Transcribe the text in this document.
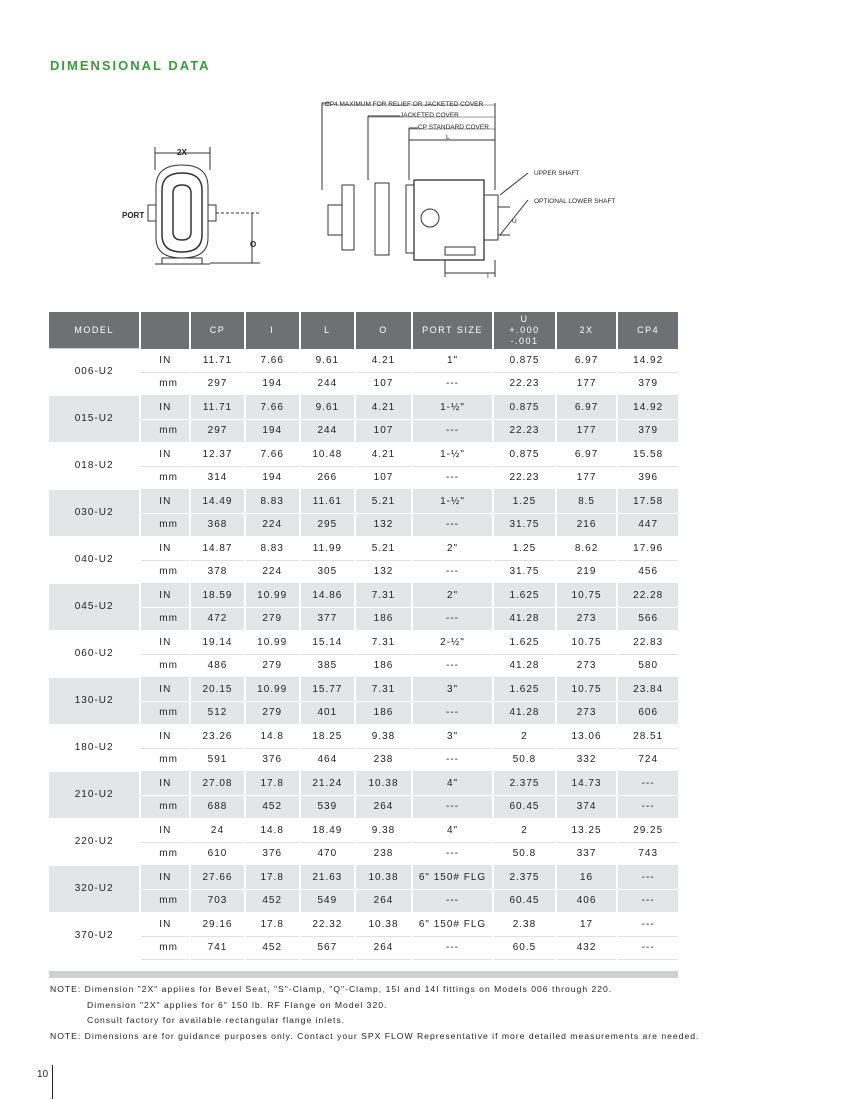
DIMENSIONAL DATA
2X
PORT
O
CP4 MAXIMUM FOR RELIEF OR JACKETED COVER
JACKETED COVER
CP STANDARD COVER
L
UPPER SHAFT
OPTIONAL LOWER SHAFT
U
I
MODEL		CP	I	L	O	PORT SIZE	U
+.000
-.001	2X	CP4
006-U2	IN	11.71	7.66	9.61	4.21	1"	0.875	6.97	14.92
	mm	297	194	244	107	---	22.23	177	379
015-U2	IN	11.71	7.66	9.61	4.21	1-½"	0.875	6.97	14.92
	mm	297	194	244	107	---	22.23	177	379
018-U2	IN	12.37	7.66	10.48	4.21	1-½"	0.875	6.97	15.58
	mm	314	194	266	107	---	22.23	177	396
030-U2	IN	14.49	8.83	11.61	5.21	1-½"	1.25	8.5	17.58
	mm	368	224	295	132	---	31.75	216	447
040-U2	IN	14.87	8.83	11.99	5.21	2"	1.25	8.62	17.96
	mm	378	224	305	132	---	31.75	219	456
045-U2	IN	18.59	10.99	14.86	7.31	2"	1.625	10.75	22.28
	mm	472	279	377	186	---	41.28	273	566
060-U2	IN	19.14	10.99	15.14	7.31	2-½"	1.625	10.75	22.83
	mm	486	279	385	186	---	41.28	273	580
130-U2	IN	20.15	10.99	15.77	7.31	3"	1.625	10.75	23.84
	mm	512	279	401	186	---	41.28	273	606
180-U2	IN	23.26	14.8	18.25	9.38	3"	2	13.06	28.51
	mm	591	376	464	238	---	50.8	332	724
210-U2	IN	27.08	17.8	21.24	10.38	4"	2.375	14.73	---
	mm	688	452	539	264	---	60.45	374	---
220-U2	IN	24	14.8	18.49	9.38	4"	2	13.25	29.25
	mm	610	376	470	238	---	50.8	337	743
320-U2	IN	27.66	17.8	21.63	10.38	6" 150# FLG	2.375	16	---
	mm	703	452	549	264	---	60.45	406	---
370-U2	IN	29.16	17.8	22.32	10.38	6" 150# FLG	2.38	17	---
	mm	741	452	567	264	---	60.5	432	---
NOTE: Dimension "2X" applies for Bevel Seat, "S"-Clamp, "Q"-Clamp, 15I and 14I fittings on Models 006 through 220.
Dimension "2X" applies for 6" 150 lb. RF Flange on Model 320.
Consult factory for available rectangular flange inlets.
NOTE: Dimensions are for guidance purposes only. Contact your SPX FLOW Representative if more detailed measurements are needed.
10
